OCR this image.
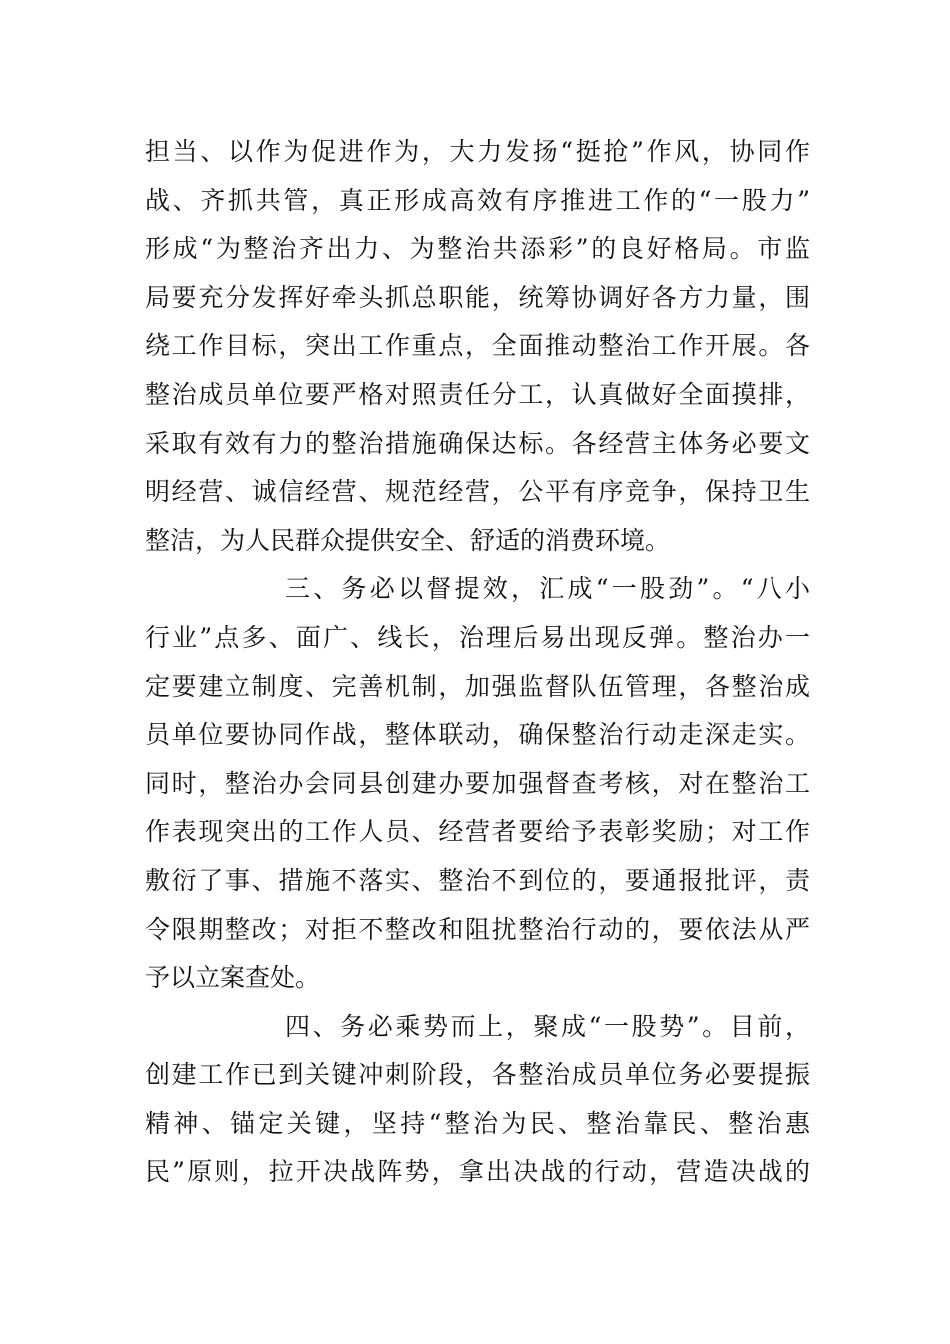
担当、以作为促进作为，大力发扬“挺抢”作风，协同作
战、齐抓共管，真正形成高效有序推进工作的“一股力”
形成“为整治齐出力、为整治共添彩”的良好格局。市监
局要充分发挥好牵头抓总职能，统筹协调好各方力量，围
绕工作目标，突出工作重点，全面推动整治工作开展。各
整治成员单位要严格对照责任分工，认真做好全面摸排，
采取有效有力的整治措施确保达标。各经营主体务必要文
明经营、诚信经营、规范经营，公平有序竞争，保持卫生
整洁，为人民群众提供安全、舒适的消费环境。
三、务必以督提效，汇成“一股劲”。“八小
行业”点多、面广、线长，治理后易出现反弹。整治办一
定要建立制度、完善机制，加强监督队伍管理，各整治成
员单位要协同作战，整体联动，确保整治行动走深走实。
同时，整治办会同县创建办要加强督查考核，对在整治工
作表现突出的工作人员、经营者要给予表彰奖励；对工作
敷衍了事、措施不落实、整治不到位的，要通报批评，责
令限期整改；对拒不整改和阻扰整治行动的，要依法从严
予以立案查处。
四、务必乘势而上，聚成“一股势”。目前，
创建工作已到关键冲刺阶段，各整治成员单位务必要提振
精神、锚定关键，坚持“整治为民、整治靠民、整治惠
民”原则，拉开决战阵势，拿出决战的行动，营造决战的
